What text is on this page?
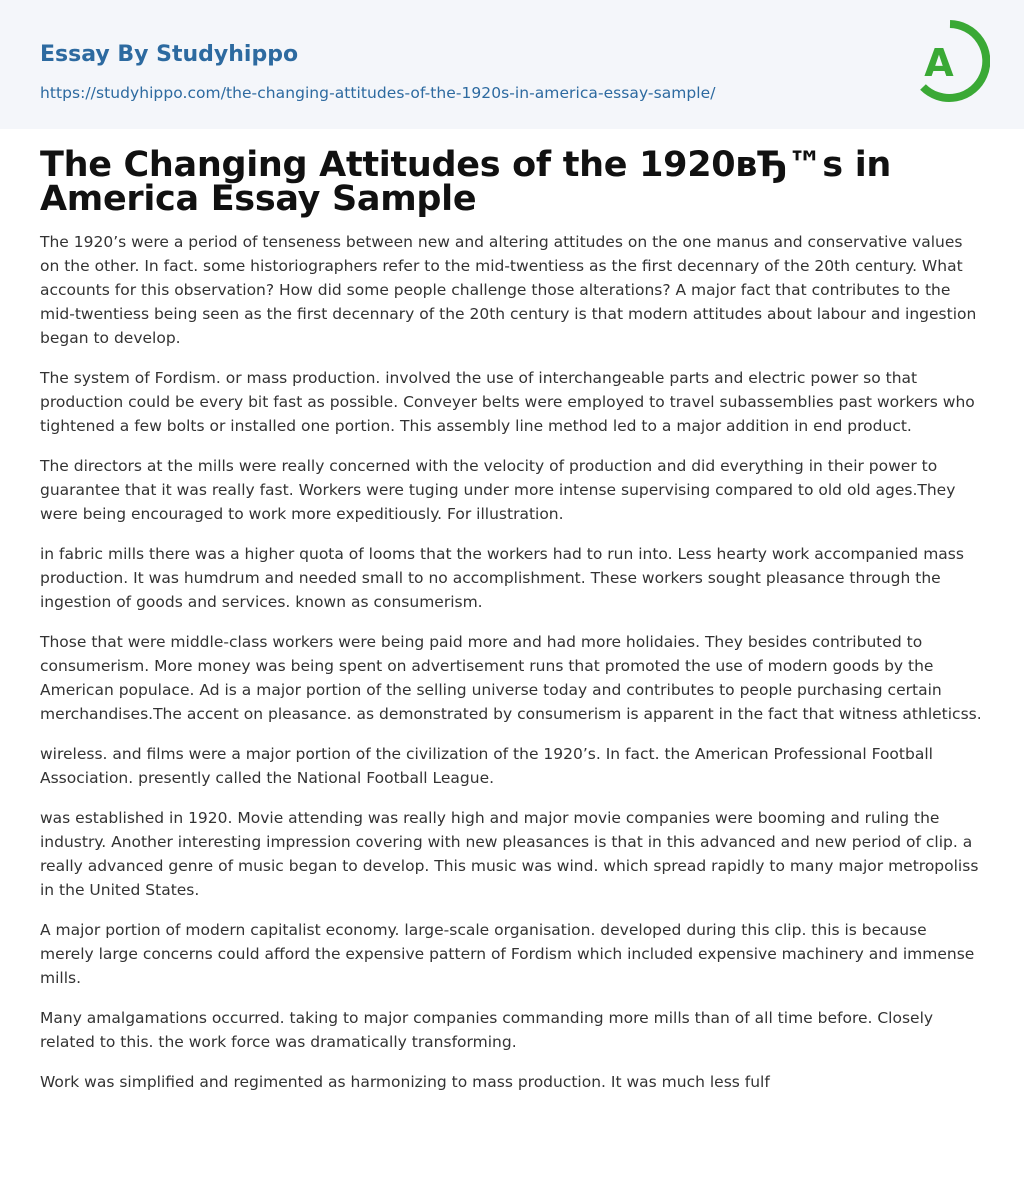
Essay By Studyhippo
https://studyhippo.com/the-changing-attitudes-of-the-1920s-in-america-essay-sample/
A
The Changing Attitudes of the 1920вЂ™s in America Essay Sample

The 1920’s were a period of tenseness between new and altering attitudes on the one manus and conservative values on the other. In fact. some historiographers refer to the mid-twentiess as the first decennary of the 20th century. What accounts for this observation? How did some people challenge those alterations? A major fact that contributes to the mid-twentiess being seen as the first decennary of the 20th century is that modern attitudes about labour and ingestion began to develop.

The system of Fordism. or mass production. involved the use of interchangeable parts and electric power so that production could be every bit fast as possible. Conveyer belts were employed to travel subassemblies past workers who tightened a few bolts or installed one portion. This assembly line method led to a major addition in end product.

The directors at the mills were really concerned with the velocity of production and did everything in their power to guarantee that it was really fast. Workers were tuging under more intense supervising compared to old old ages.They were being encouraged to work more expeditiously. For illustration.

in fabric mills there was a higher quota of looms that the workers had to run into. Less hearty work accompanied mass production. It was humdrum and needed small to no accomplishment. These workers sought pleasance through the ingestion of goods and services. known as consumerism.

Those that were middle-class workers were being paid more and had more holidaies. They besides contributed to consumerism. More money was being spent on advertisement runs that promoted the use of modern goods by the American populace. Ad is a major portion of the selling universe today and contributes to people purchasing certain merchandises.The accent on pleasance. as demonstrated by consumerism is apparent in the fact that witness athleticss.

wireless. and films were a major portion of the civilization of the 1920’s. In fact. the American Professional Football Association. presently called the National Football League.

was established in 1920. Movie attending was really high and major movie companies were booming and ruling the industry. Another interesting impression covering with new pleasances is that in this advanced and new period of clip. a really advanced genre of music began to develop. This music was wind. which spread rapidly to many major metropoliss in the United States.

A major portion of modern capitalist economy. large-scale organisation. developed during this clip. this is because merely large concerns could afford the expensive pattern of Fordism which included expensive machinery and immense mills.

Many amalgamations occurred. taking to major companies commanding more mills than of all time before. Closely related to this. the work force was dramatically transforming.

Work was simplified and regimented as harmonizing to mass production. It was much less fulf
